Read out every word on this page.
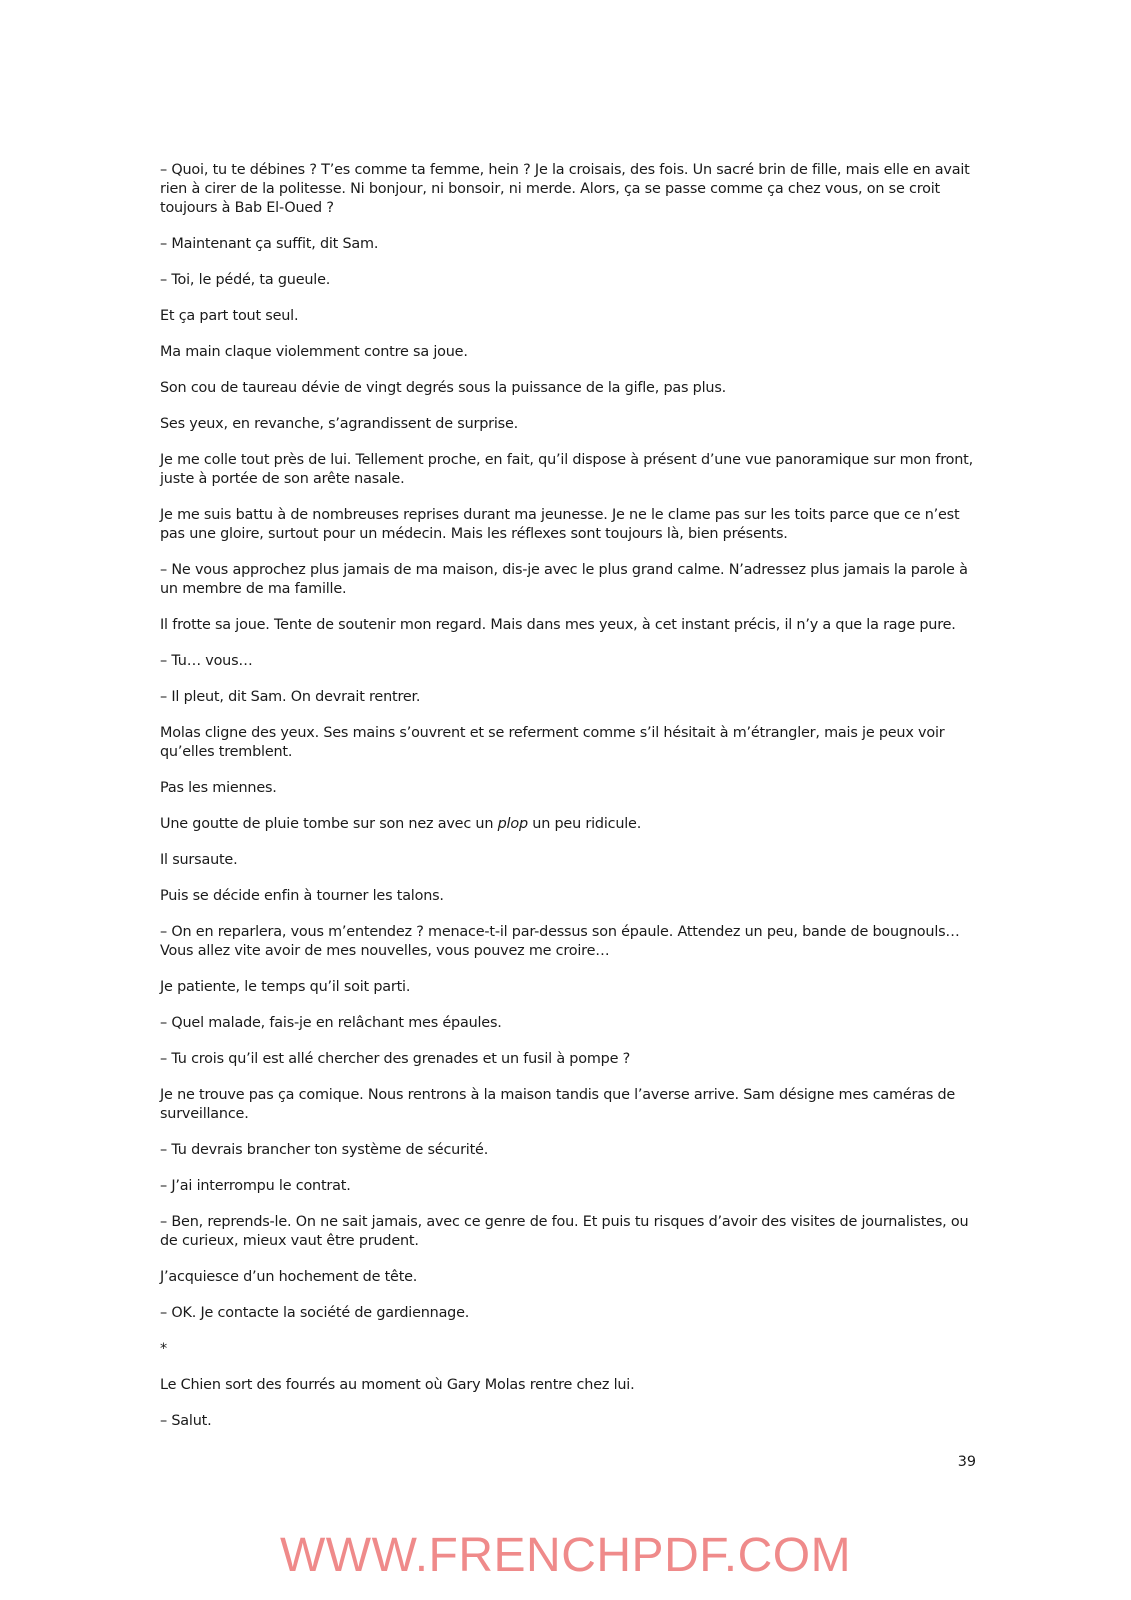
– Quoi, tu te débines ? T’es comme ta femme, hein ? Je la croisais, des fois. Un sacré brin de fille, mais elle en avait rien à cirer de la politesse. Ni bonjour, ni bonsoir, ni merde. Alors, ça se passe comme ça chez vous, on se croit toujours à Bab El-Oued ?

– Maintenant ça suffit, dit Sam.

– Toi, le pédé, ta gueule.

Et ça part tout seul.

Ma main claque violemment contre sa joue.

Son cou de taureau dévie de vingt degrés sous la puissance de la gifle, pas plus.

Ses yeux, en revanche, s’agrandissent de surprise.

Je me colle tout près de lui. Tellement proche, en fait, qu’il dispose à présent d’une vue panoramique sur mon front, juste à portée de son arête nasale.

Je me suis battu à de nombreuses reprises durant ma jeunesse. Je ne le clame pas sur les toits parce que ce n’est pas une gloire, surtout pour un médecin. Mais les réflexes sont toujours là, bien présents.

– Ne vous approchez plus jamais de ma maison, dis-je avec le plus grand calme. N’adressez plus jamais la parole à un membre de ma famille.

Il frotte sa joue. Tente de soutenir mon regard. Mais dans mes yeux, à cet instant précis, il n’y a que la rage pure.

– Tu… vous…

– Il pleut, dit Sam. On devrait rentrer.

Molas cligne des yeux. Ses mains s’ouvrent et se referment comme s’il hésitait à m’étrangler, mais je peux voir qu’elles tremblent.

Pas les miennes.

Une goutte de pluie tombe sur son nez avec un plop un peu ridicule.

Il sursaute.

Puis se décide enfin à tourner les talons.

– On en reparlera, vous m’entendez ? menace-t-il par-dessus son épaule. Attendez un peu, bande de bougnouls… Vous allez vite avoir de mes nouvelles, vous pouvez me croire…

Je patiente, le temps qu’il soit parti.

– Quel malade, fais-je en relâchant mes épaules.

– Tu crois qu’il est allé chercher des grenades et un fusil à pompe ?

Je ne trouve pas ça comique. Nous rentrons à la maison tandis que l’averse arrive. Sam désigne mes caméras de surveillance.

– Tu devrais brancher ton système de sécurité.

– J’ai interrompu le contrat.

– Ben, reprends-le. On ne sait jamais, avec ce genre de fou. Et puis tu risques d’avoir des visites de journalistes, ou de curieux, mieux vaut être prudent.

J’acquiesce d’un hochement de tête.

– OK. Je contacte la société de gardiennage.

*

Le Chien sort des fourrés au moment où Gary Molas rentre chez lui.

– Salut.

39
WWW.FRENCHPDF.COM
